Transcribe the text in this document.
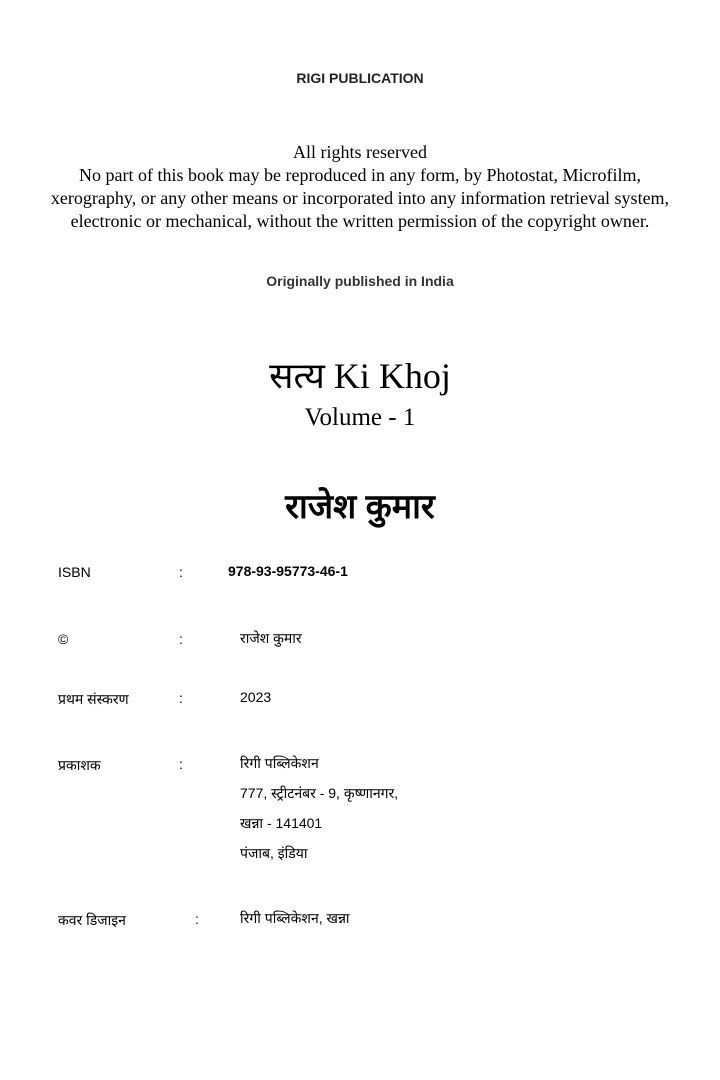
RIGI PUBLICATION
All rights reserved
No part of this book may be reproduced in any form, by Photostat, Microfilm, xerography, or any other means or incorporated into any information retrieval system, electronic or mechanical, without the written permission of the copyright owner.
Originally published in India
सत्य Ki Khoj
Volume - 1
राजेश कुमार
ISBN	:	978-93-95773-46-1
©	:	राजेश कुमार
प्रथम संस्करण	:	2023
प्रकाशक	:	रिगी पब्लिकेशन
777, स्ट्रीटनंबर - 9, कृष्णानगर,
खन्ना - 141401
पंजाब, इंडिया
कवर डिजाइन	:	रिगी पब्लिकेशन, खन्ना
